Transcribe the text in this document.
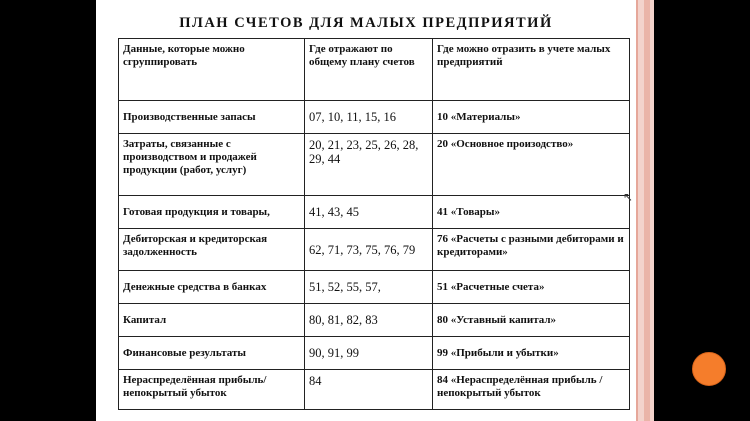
ПЛАН СЧЕТОВ ДЛЯ МАЛЫХ ПРЕДПРИЯТИЙ
Данные, которые можно сгруппировать	Где отражают по общему плану счетов	Где можно отразить в учете малых предприятий
Производственные запасы	07, 10, 11, 15, 16	10 «Материалы»
Затраты, связанные с производством и продажей продукции (работ, услуг)	20, 21, 23, 25, 26, 28, 29, 44	20 «Основное произодство»
Готовая продукция и товары,	41, 43, 45	41 «Товары»
Дебиторская и кредиторская задолженность	62, 71, 73, 75, 76, 79	76 «Расчеты с разными дебиторами и кредиторами»
Денежные средства в банках	51, 52, 55, 57,	51 «Расчетные счета»
Капитал	80, 81, 82, 83	80 «Уставный капитал»
Финансовые результаты	90, 91, 99	99 «Прибыли и убытки»
Нераспределённая прибыль/ непокрытый убыток	84	84 «Нераспределённая прибыль / непокрытый убыток
↖
